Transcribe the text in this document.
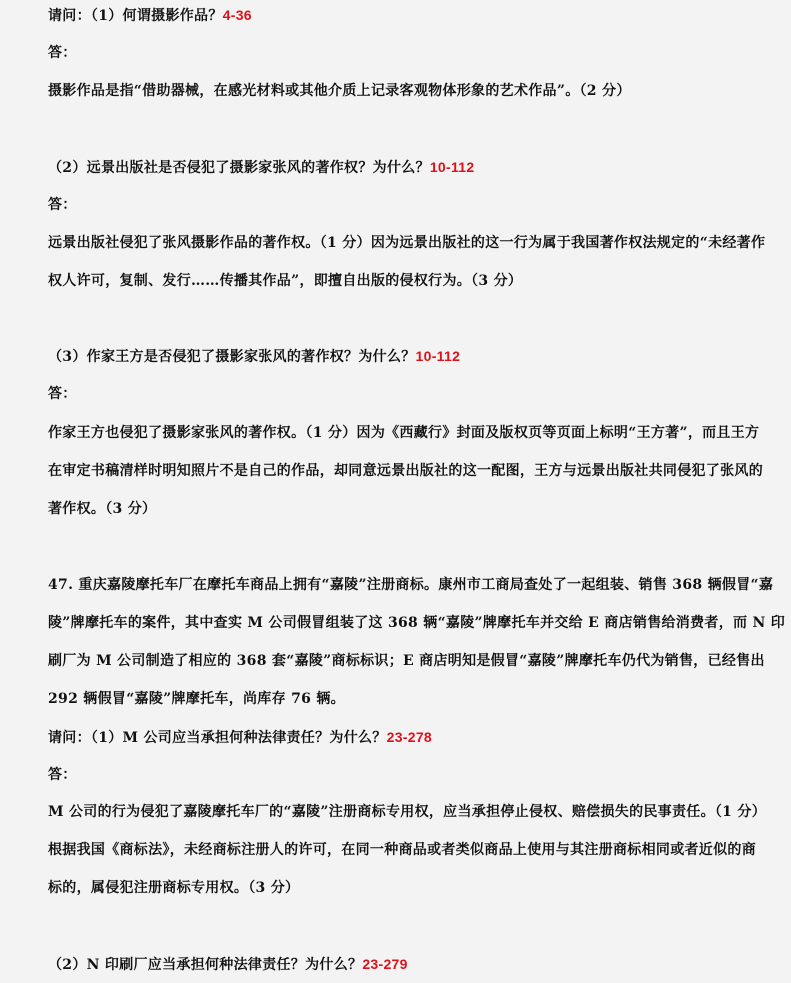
请问：（1）何谓摄影作品？4-36
答：
摄影作品是指“借助器械，在感光材料或其他介质上记录客观物体形象的艺术作品”。（2 分）
（2）远景出版社是否侵犯了摄影家张风的著作权？为什么？10-112
答：
远景出版社侵犯了张风摄影作品的著作权。（1 分）因为远景出版社的这一行为属于我国著作权法规定的“未经著作
权人许可，复制、发行……传播其作品”，即擅自出版的侵权行为。（3 分）
（3）作家王方是否侵犯了摄影家张风的著作权？为什么？10-112
答：
作家王方也侵犯了摄影家张风的著作权。（1 分）因为《西藏行》封面及版权页等页面上标明“王方著”，而且王方
在审定书稿清样时明知照片不是自己的作品，却同意远景出版社的这一配图，王方与远景出版社共同侵犯了张风的
著作权。（3 分）
47. 重庆嘉陵摩托车厂在摩托车商品上拥有“嘉陵”注册商标。康州市工商局查处了一起组装、销售 368 辆假冒“嘉
陵”牌摩托车的案件，其中查实 M 公司假冒组装了这 368 辆“嘉陵”牌摩托车并交给 E 商店销售给消费者，而 N 印
刷厂为 M 公司制造了相应的 368 套“嘉陵”商标标识；E 商店明知是假冒“嘉陵”牌摩托车仍代为销售，已经售出
292 辆假冒“嘉陵”牌摩托车，尚库存 76 辆。
请问：（1）M 公司应当承担何种法律责任？为什么？23-278
答：
M 公司的行为侵犯了嘉陵摩托车厂的“嘉陵”注册商标专用权，应当承担停止侵权、赔偿损失的民事责任。（1 分）
根据我国《商标法》，未经商标注册人的许可，在同一种商品或者类似商品上使用与其注册商标相同或者近似的商
标的，属侵犯注册商标专用权。（3 分）
（2）N 印刷厂应当承担何种法律责任？为什么？23-279
